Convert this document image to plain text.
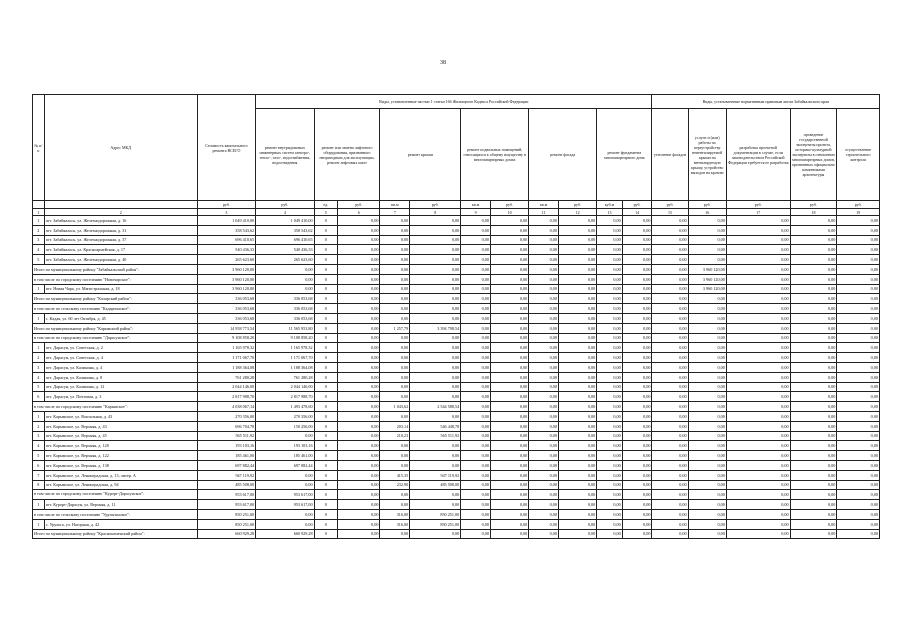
38
№ п/п	Адрес МКД	Стоимость капитального ремонта ВСЕГО	Виды, установленные частью 1 статьи 166 Жилищного Кодекса Российской Федерации											Виды, установленные нормативным правовым актом Забайкальского края				
			ремонт внутридомовых инженерных систем электро-, тепло-, газо-, водоснабжения, водоотведения	ремонт или замена лифтового оборудования, признанного непригодным для эксплуатации, ремонт лифтовых шахт		ремонт крыши		ремонт подвальных помещений, относящихся к общему имуществу в многоквартирных домах		ремонт фасада		ремонт фундамента многоквартирного дома		утепление фасадов	услуги и (или) работы по переустройству невентилируемой крыши на вентилируемую крышу, устройство выходов на кровлю	разработка проектной документации в случае, если законодательством Российской Федерации требуется ее разработка	проведение государственной экспертизы проекта, историко-культурной экспертизы в отношении многоквартирных домов, признанных официально памятниками архитектуры	осуществление строительного контроля
		руб.	руб.	ед.	руб.	кв.м	руб.	кв.м	руб.	кв.м	руб.	куб.м	руб.	руб.	руб.	руб.	руб.	руб.
1	2	3	4	5	6	7	8	9	10	11	12	13	14	15	16	17	18	19
1	пгт. Забайкальск, ул. Железнодорожная, д. 16	1 049 410,00	1 049 410,00	0	0,00	0,00	0,00	0,00	0,00	0,00	0,00	0,00	0,00	0,00	0,00	0,00	0,00	0,00
2	пгт. Забайкальск, ул. Железнодорожная, д. 31	358 543,62	358 543,62	0	0,00	0,00	0,00	0,00	0,00	0,00	0,00	0,00	0,00	0,00	0,00	0,00	0,00	0,00
3	пгт. Забайкальск, ул. Железнодорожная, д. 37	696 410,65	696 410,65	0	0,00	0,00	0,00	0,00	0,00	0,00	0,00	0,00	0,00	0,00	0,00	0,00	0,00	0,00
4	пгт. Забайкальск, ул. Красноармейская, д. 17	540 436,33	540 436,33	0	0,00	0,00	0,00	0,00	0,00	0,00	0,00	0,00	0,00	0,00	0,00	0,00	0,00	0,00
5	пгт. Забайкальск, ул. Железнодорожная, д. 40	265 623,60	265 623,60	0	0,00	0,00	0,00	0,00	0,00	0,00	0,00	0,00	0,00	0,00	0,00	0,00	0,00	0,00
Итого по муниципальному району "Забайкальский район":		3 960 120,00	0,00	0	0,00	0,00	0,00	0,00	0,00	0,00	0,00	0,00	0,00	0,00	3 960 120,00	0,00	0,00	0,00
в том числе по городскому поселению "Новочарское":		3 960 120,00	0,00	0	0,00	0,00	0,00	0,00	0,00	0,00	0,00	0,00	0,00	0,00	3 960 120,00	0,00	0,00	0,00
1	пгт. Новая Чара, ул. Магистральная, д. 18	3 960 120,00	0,00	0	0,00	0,00	0,00	0,00	0,00	0,00	0,00	0,00	0,00	0,00	3 960 120,00	0,00	0,00	0,00
Итого по муниципальному району "Каларский район":		336 053,68	336 053,68	0	0,00	0,00	0,00	0,00	0,00	0,00	0,00	0,00	0,00	0,00	0,00	0,00	0,00	0,00
в том числе по сельскому поселению "Кадаргинское":		336 053,68	336 053,68	0	0,00	0,00	0,00	0,00	0,00	0,00	0,00	0,00	0,00	0,00	0,00	0,00	0,00	0,00
1	с. Кадая, ул. 60 лет Октября, д. 45	336 053,68	336 053,68	0	0,00	0,00	0,00	0,00	0,00	0,00	0,00	0,00	0,00	0,00	0,00	0,00	0,00	0,00
Итого по муниципальному району "Карымский район":		14 958 773,54	11 565 953,80	0	0,00	1 257,79	3 394 798,54	0,00	0,00	0,00	0,00	0,00	0,00	0,00	0,00	0,00	0,00	0,00
в том числе по городскому поселению "Дарасунское":		9 108 858,20	9 108 858,20	0	0,00	0,00	0,00	0,00	0,00	0,00	0,00	0,00	0,00	0,00	0,00	0,00	0,00	0,00
1	пгт. Дарасун, ул. Советская, д. 2	1 165 978,32	1 165 978,32	0	0,00	0,00	0,00	0,00	0,00	0,00	0,00	0,00	0,00	0,00	0,00	0,00	0,00	0,00
2	пгт. Дарасун, ул. Советская, д. 4	1 171 067,70	1 171 067,70	0	0,00	0,00	0,00	0,00	0,00	0,00	0,00	0,00	0,00	0,00	0,00	0,00	0,00	0,00
3	пгт. Дарасун, ул. Калинина, д. 4	1 188 364,08	1 188 364,08	0	0,00	0,00	0,00	0,00	0,00	0,00	0,00	0,00	0,00	0,00	0,00	0,00	0,00	0,00
4	пгт. Дарасун, ул. Калинина, д. 8	761 280,28	761 280,28	0	0,00	0,00	0,00	0,00	0,00	0,00	0,00	0,00	0,00	0,00	0,00	0,00	0,00	0,00
5	пгт. Дарасун, ул. Калинина, д. 12	2 044 146,00	2 044 146,00	0	0,00	0,00	0,00	0,00	0,00	0,00	0,00	0,00	0,00	0,00	0,00	0,00	0,00	0,00
6	пгт. Дарасун, ул. Почтовая, д. 3	2 817 988,70	2 817 988,70	0	0,00	0,00	0,00	0,00	0,00	0,00	0,00	0,00	0,00	0,00	0,00	0,00	0,00	0,00
в том числе по городскому поселению "Карымское":		4 038 067,14	1 493 478,60	0	0,00	1 043,62	2 544 588,54	0,00	0,00	0,00	0,00	0,00	0,00	0,00	0,00	0,00	0,00	0,00
1	пгт. Карымское, ул. Вокзальная, д. 43	270 356,00	270 356,00	0	0,00	0,00	0,00	0,00	0,00	0,00	0,00	0,00	0,00	0,00	0,00	0,00	0,00	0,00
2	пгт. Карымское, ул. Верхняя, д. 43	696 704,78	150 256,00	0	0,00	203,14	546 448,78	0,00	0,00	0,00	0,00	0,00	0,00	0,00	0,00	0,00	0,00	0,00
3	пгт. Карымское, ул. Верхняя, д. 45	565 511,92	0,00	0	0,00	210,23	565 511,92	0,00	0,00	0,00	0,00	0,00	0,00	0,00	0,00	0,00	0,00	0,00
4	пгт. Карымское, ул. Верхняя, д. 120	193 103,16	193 103,16	0	0,00	0,00	0,00	0,00	0,00	0,00	0,00	0,00	0,00	0,00	0,00	0,00	0,00	0,00
5	пгт. Карымское, ул. Верхняя, д. 122	185 461,00	185 461,00	0	0,00	0,00	0,00	0,00	0,00	0,00	0,00	0,00	0,00	0,00	0,00	0,00	0,00	0,00
6	пгт. Карымское, ул. Верхняя, д. 138	697 882,44	697 882,44	0	0,00	0,00	0,00	0,00	0,00	0,00	0,00	0,00	0,00	0,00	0,00	0,00	0,00	0,00
7	пгт. Карымское, ул. Ленинградская, д. 13, литер. А	947 119,92	0,00	0	0,00	415,35	947 119,92	0,00	0,00	0,00	0,00	0,00	0,00	0,00	0,00	0,00	0,00	0,00
8	пгт. Карымское, ул. Ленинградская, д. 94	485 508,00	0,00	0	0,00	232,90	485 508,00	0,00	0,00	0,00	0,00	0,00	0,00	0,00	0,00	0,00	0,00	0,00
в том числе по городскому поселению "Курорт-Дарасунское":		953 617,00	953 617,00	0	0,00	0,00	0,00	0,00	0,00	0,00	0,00	0,00	0,00	0,00	0,00	0,00	0,00	0,00
1	пгт. Курорт-Дарасун, ул. Верхняя, д. 11	953 617,00	953 617,00	0	0,00	0,00	0,00	0,00	0,00	0,00	0,00	0,00	0,00	0,00	0,00	0,00	0,00	0,00
в том числе по сельскому поселению "Урульгинское":		850 251,00	0,00	0	0,00	316,00	850 251,00	0,00	0,00	0,00	0,00	0,00	0,00	0,00	0,00	0,00	0,00	0,00
1	с. Урульга, ул. Нагорная, д. 42	850 251,00	0,00	0	0,00	316,00	850 251,00	0,00	0,00	0,00	0,00	0,00	0,00	0,00	0,00	0,00	0,00	0,00
Итого по муниципальному району "Краснокаменский район":		660 929,28	660 929,28	0	0,00	0,00	0,00	0,00	0,00	0,00	0,00	0,00	0,00	0,00	0,00	0,00	0,00	0,00
